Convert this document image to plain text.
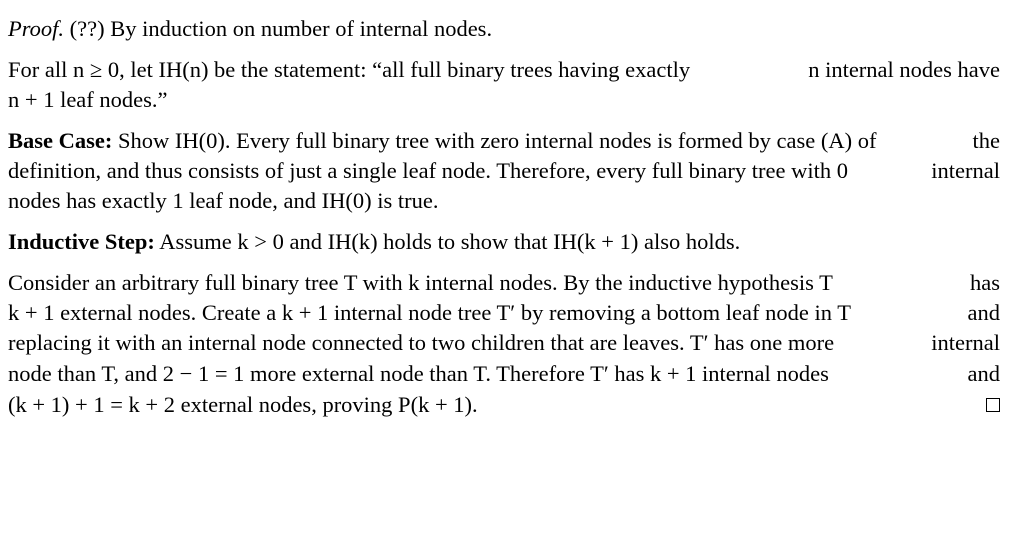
Proof. (??) By induction on number of internal nodes.
For all n ≥ 0, let IH(n) be the statement: “all full binary trees having exactly	n internal nodes have
n + 1 leaf nodes.”
Base Case: Show IH(0). Every full binary tree with zero internal nodes is formed by case (A) of	the
definition, and thus consists of just a single leaf node. Therefore, every full binary tree with 0	internal
nodes has exactly 1 leaf node, and IH(0) is true.
Inductive Step: Assume k > 0 and IH(k) holds to show that IH(k + 1) also holds.
Consider an arbitrary full binary tree T with k internal nodes. By the inductive hypothesis T	has
k + 1 external nodes. Create a k + 1 internal node tree T′ by removing a bottom leaf node in T	and
replacing it with an internal node connected to two children that are leaves. T′ has one more	internal
node than T, and 2 − 1 = 1 more external node than T. Therefore T′ has k + 1 internal nodes	and
(k + 1) + 1 = k + 2 external nodes, proving P(k + 1).
